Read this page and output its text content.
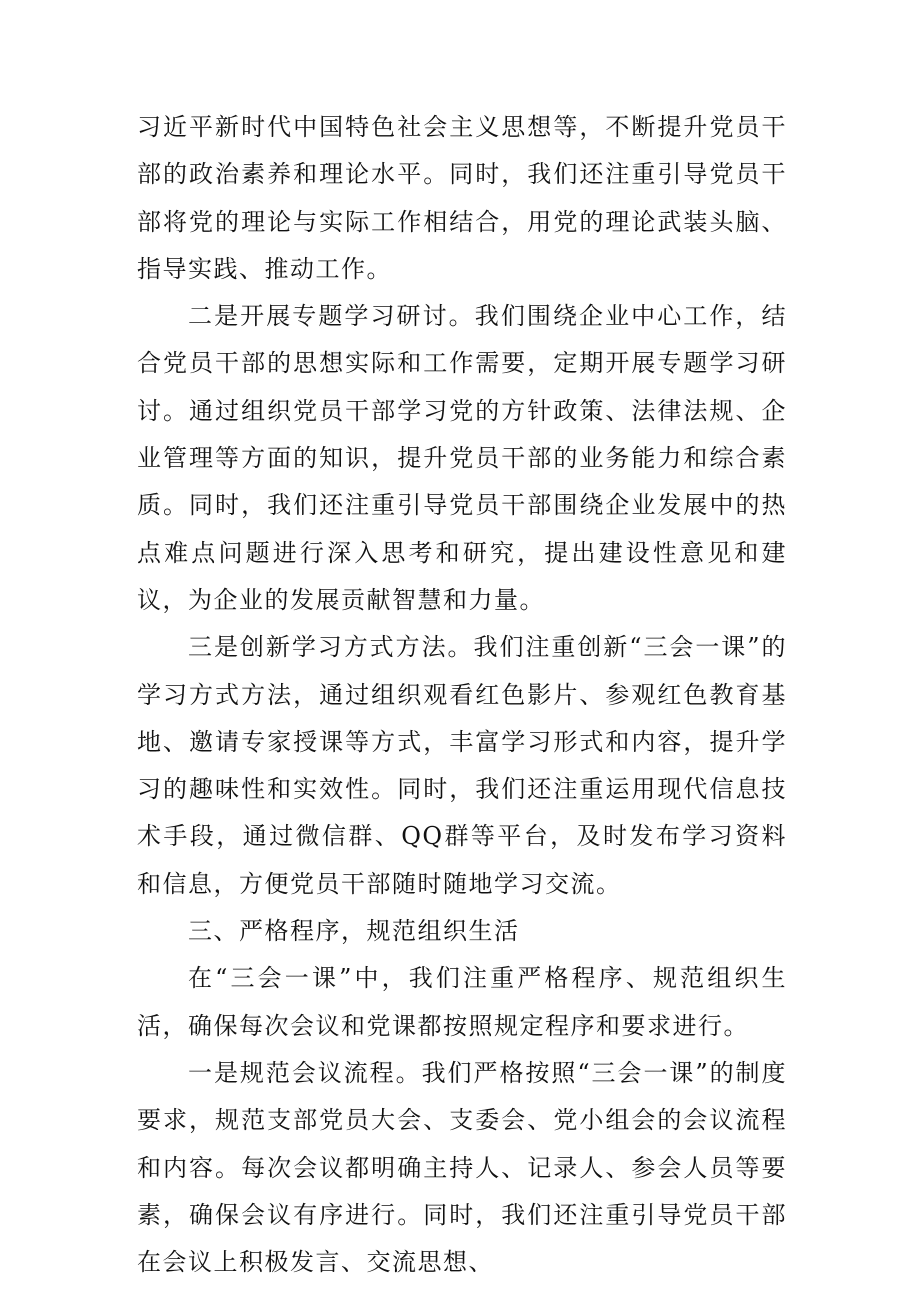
习近平新时代中国特色社会主义思想等，不断提升党员干部的政治素养和理论水平。同时，我们还注重引导党员干部将党的理论与实际工作相结合，用党的理论武装头脑、指导实践、推动工作。

二是开展专题学习研讨。我们围绕企业中心工作，结合党员干部的思想实际和工作需要，定期开展专题学习研讨。通过组织党员干部学习党的方针政策、法律法规、企业管理等方面的知识，提升党员干部的业务能力和综合素质。同时，我们还注重引导党员干部围绕企业发展中的热点难点问题进行深入思考和研究，提出建设性意见和建议，为企业的发展贡献智慧和力量。

三是创新学习方式方法。我们注重创新“三会一课”的学习方式方法，通过组织观看红色影片、参观红色教育基地、邀请专家授课等方式，丰富学习形式和内容，提升学习的趣味性和实效性。同时，我们还注重运用现代信息技术手段，通过微信群、QQ群等平台，及时发布学习资料和信息，方便党员干部随时随地学习交流。

三、严格程序，规范组织生活

在“三会一课”中，我们注重严格程序、规范组织生活，确保每次会议和党课都按照规定程序和要求进行。

一是规范会议流程。我们严格按照“三会一课”的制度要求，规范支部党员大会、支委会、党小组会的会议流程和内容。每次会议都明确主持人、记录人、参会人员等要素，确保会议有序进行。同时，我们还注重引导党员干部在会议上积极发言、交流思想、
